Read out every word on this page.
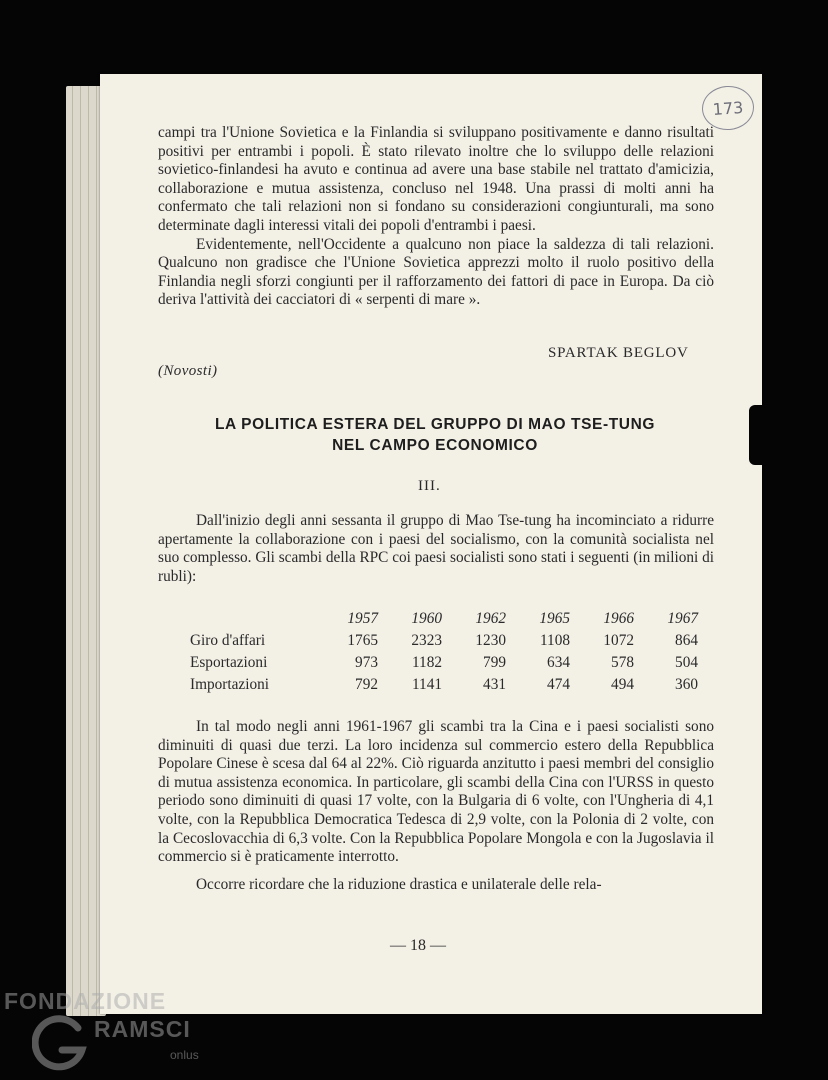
173

campi tra l'Unione Sovietica e la Finlandia si sviluppano positivamente e danno risultati positivi per entrambi i popoli. È stato rilevato inoltre che lo sviluppo delle relazioni sovietico-finlandesi ha avuto e continua ad avere una base stabile nel trattato d'amicizia, collaborazione e mutua assistenza, concluso nel 1948. Una prassi di molti anni ha confermato che tali relazioni non si fondano su considerazioni congiunturali, ma sono determinate dagli interessi vitali dei popoli d'entrambi i paesi.

Evidentemente, nell'Occidente a qualcuno non piace la saldezza di tali relazioni. Qualcuno non gradisce che l'Unione Sovietica apprezzi molto il ruolo positivo della Finlandia negli sforzi congiunti per il rafforzamento dei fattori di pace in Europa. Da ciò deriva l'attività dei cacciatori di « serpenti di mare ».

SPARTAK BEGLOV
(Novosti)
LA POLITICA ESTERA DEL GRUPPO DI MAO TSE-TUNG
NEL CAMPO ECONOMICO
III.

Dall'inizio degli anni sessanta il gruppo di Mao Tse-tung ha incominciato a ridurre apertamente la collaborazione con i paesi del socialismo, con la comunità socialista nel suo complesso. Gli scambi della RPC coi paesi socialisti sono stati i seguenti (in milioni di rubli):

	1957	1960	1962	1965	1966	1967
Giro d'affari	1765	2323	1230	1108	1072	864
Esportazioni	973	1182	799	634	578	504
Importazioni	792	1141	431	474	494	360

In tal modo negli anni 1961-1967 gli scambi tra la Cina e i paesi socialisti sono diminuiti di quasi due terzi. La loro incidenza sul commercio estero della Repubblica Popolare Cinese è scesa dal 64 al 22%. Ciò riguarda anzitutto i paesi membri del consiglio di mutua assistenza economica. In particolare, gli scambi della Cina con l'URSS in questo periodo sono diminuiti di quasi 17 volte, con la Bulgaria di 6 volte, con l'Ungheria di 4,1 volte, con la Repubblica Democratica Tedesca di 2,9 volte, con la Polonia di 2 volte, con la Cecoslovacchia di 6,3 volte. Con la Repubblica Popolare Mongola e con la Jugoslavia il commercio si è praticamente interrotto.

Occorre ricordare che la riduzione drastica e unilaterale delle rela-

— 18 —
FONDAZIONE
RAMSCI
onlus
